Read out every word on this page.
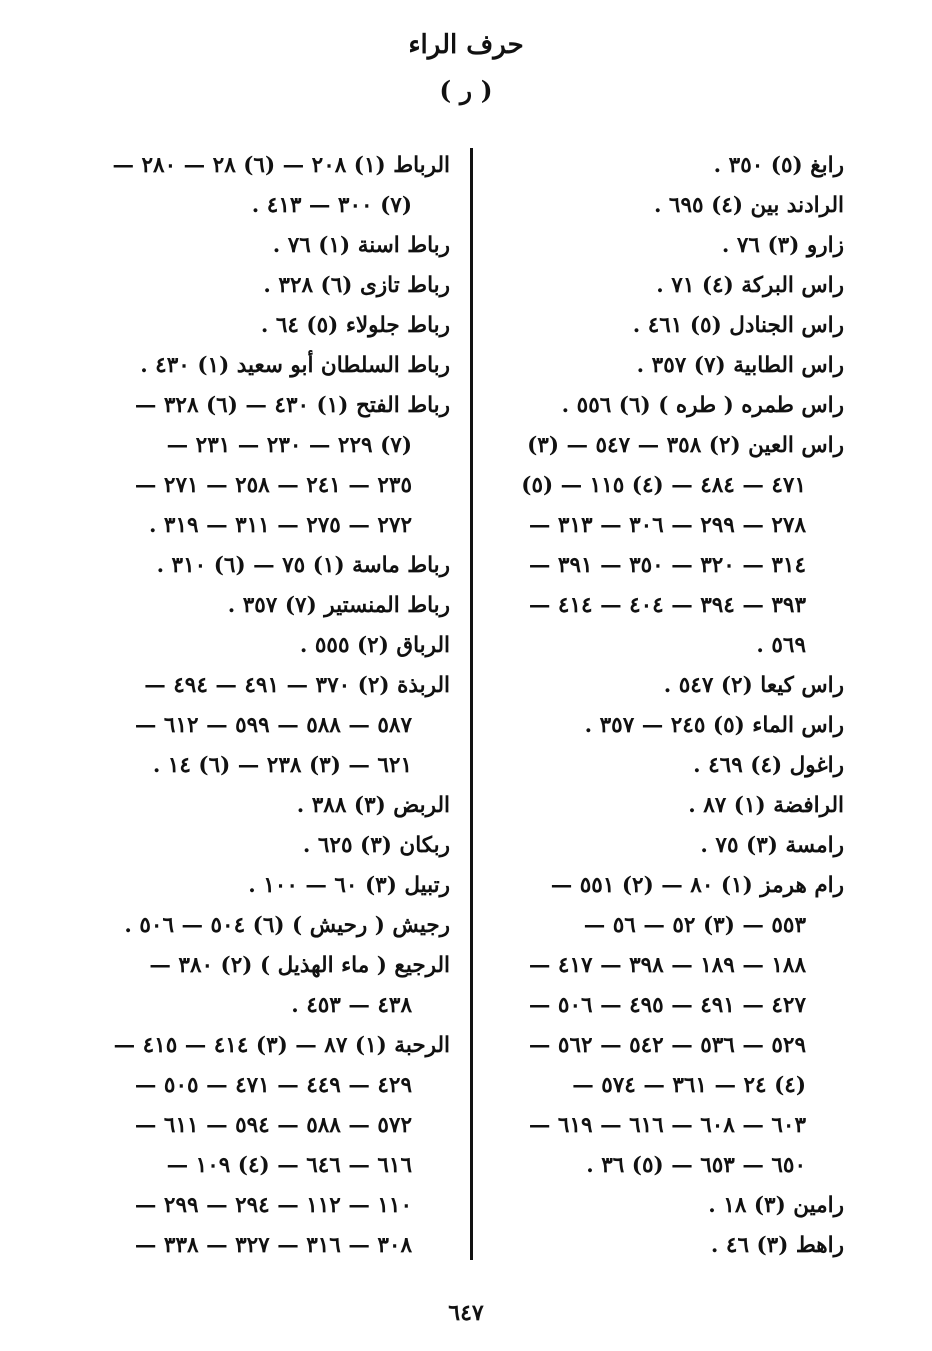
حرف الراء
( ر )
رابغ (٥) ٣٥٠ .
الرادند بين (٤) ٦٩٥ .
زارو (٣) ٧٦ .
راس البركة (٤) ٧١ .
راس الجنادل (٥) ٤٦١ .
راس الطابية (٧) ٣٥٧ .
راس طمره ( طره ) (٦) ٥٥٦ .
راس العين (٢) ٣٥٨ — ٥٤٧ — (٣)
٤٧١ — ٤٨٤ — (٤) ١١٥ — (٥)
٢٧٨ — ٢٩٩ — ٣٠٦ — ٣١٣ —
٣١٤ — ٣٢٠ — ٣٥٠ — ٣٩١ —
٣٩٣ — ٣٩٤ — ٤٠٤ — ٤١٤ —
٥٦٩ .
راس كيعا (٢) ٥٤٧ .
راس الماء (٥) ٢٤٥ — ٣٥٧ .
راغول (٤) ٤٦٩ .
الرافضة (١) ٨٧ .
رامسة (٣) ٧٥ .
رام هرمز (١) ٨٠ — (٢) ٥٥١ —
٥٥٣ — (٣) ٥٢ — ٥٦ —
١٨٨ — ١٨٩ — ٣٩٨ — ٤١٧ —
٤٢٧ — ٤٩١ — ٤٩٥ — ٥٠٦ —
٥٢٩ — ٥٣٦ — ٥٤٢ — ٥٦٢ —
(٤) ٢٤ — ٣٦١ — ٥٧٤ —
٦٠٣ — ٦٠٨ — ٦١٦ — ٦١٩ —
٦٥٠ — ٦٥٣ — (٥) ٣٦ .
رامين (٣) ١٨ .
راهط (٣) ٤٦ .
الرباط (١) ٢٠٨ — (٦) ٢٨ — ٢٨٠ —
(٧) ٣٠٠ — ٤١٣ .
رباط اسنة (١) ٧٦ .
رباط تازى (٦) ٣٢٨ .
رباط جلولاء (٥) ٦٤ .
رباط السلطان أبو سعيد (١) ٤٣٠ .
رباط الفتح (١) ٤٣٠ — (٦) ٣٢٨ —
(٧) ٢٢٩ — ٢٣٠ — ٢٣١ —
٢٣٥ — ٢٤١ — ٢٥٨ — ٢٧١ —
٢٧٢ — ٢٧٥ — ٣١١ — ٣١٩ .
رباط ماسة (١) ٧٥ — (٦) ٣١٠ .
رباط المنستير (٧) ٣٥٧ .
الرباق (٢) ٥٥٥ .
الربذة (٢) ٣٧٠ — ٤٩١ — ٤٩٤ —
٥٨٧ — ٥٨٨ — ٥٩٩ — ٦١٢ —
٦٢١ — (٣) ٢٣٨ — (٦) ١٤ .
الربض (٣) ٣٨٨ .
ربكان (٣) ٦٢٥ .
رتبيل (٣) ٦٠ — ١٠٠ .
رجيش ( رحيش ) (٦) ٥٠٤ — ٥٠٦ .
الرجيع ( ماء الهذيل ) (٢) ٣٨٠ —
٤٣٨ — ٤٥٣ .
الرحبة (١) ٨٧ — (٣) ٤١٤ — ٤١٥ —
٤٢٩ — ٤٤٩ — ٤٧١ — ٥٠٥ —
٥٧٢ — ٥٨٨ — ٥٩٤ — ٦١١ —
٦١٦ — ٦٤٦ — (٤) ١٠٩ —
١١٠ — ١١٢ — ٢٩٤ — ٢٩٩ —
٣٠٨ — ٣١٦ — ٣٢٧ — ٣٣٨ —
٦٤٧
